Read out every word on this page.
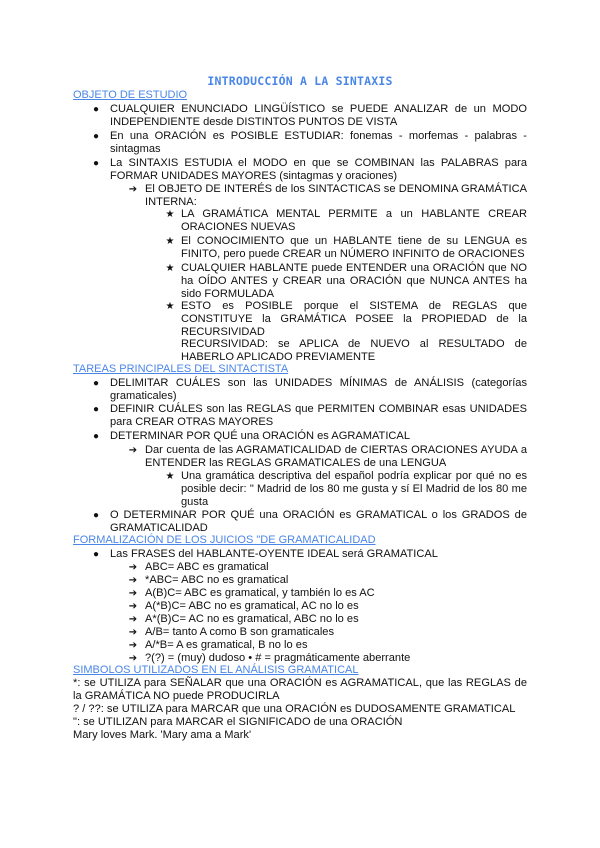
INTRODUCCIÓN A LA SINTAXIS
OBJETO DE ESTUDIO
● CUALQUIER ENUNCIADO LINGÜÍSTICO se PUEDE ANALIZAR de un MODO INDEPENDIENTE desde DISTINTOS PUNTOS DE VISTA
● En una ORACIÓN es POSIBLE ESTUDIAR: fonemas - morfemas - palabras - sintagmas
● La SINTAXIS ESTUDIA el MODO en que se COMBINAN las PALABRAS para FORMAR UNIDADES MAYORES (sintagmas y oraciones)
➔ El OBJETO DE INTERÉS de los SINTACTICAS se DENOMINA GRAMÁTICA INTERNA:
★ LA GRAMÁTICA MENTAL PERMITE a un HABLANTE CREAR ORACIONES NUEVAS
★ El CONOCIMIENTO que un HABLANTE tiene de su LENGUA es FINITO, pero puede CREAR un NÚMERO INFINITO de ORACIONES
★ CUALQUIER HABLANTE puede ENTENDER una ORACIÓN que NO ha OÍDO ANTES y CREAR una ORACIÓN que NUNCA ANTES ha sido FORMULADA
★ ESTO es POSIBLE porque el SISTEMA de REGLAS que CONSTITUYE la GRAMÁTICA POSEE la PROPIEDAD de la RECURSIVIDAD
RECURSIVIDAD: se APLICA de NUEVO al RESULTADO de HABERLO APLICADO PREVIAMENTE
TAREAS PRINCIPALES DEL SINTACTISTA
● DELIMITAR CUÁLES son las UNIDADES MÍNIMAS de ANÁLISIS (categorías gramaticales)
● DEFINIR CUÁLES son las REGLAS que PERMITEN COMBINAR esas UNIDADES para CREAR OTRAS MAYORES
● DETERMINAR POR QUÉ una ORACIÓN es AGRAMATICAL
➔ Dar cuenta de las AGRAMATICALIDAD de CIERTAS ORACIONES AYUDA a ENTENDER las REGLAS GRAMATICALES de una LENGUA
★ Una gramática descriptiva del español podría explicar por qué no es posible decir: " Madrid de los 80 me gusta y sí El Madrid de los 80 me gusta
● O DETERMINAR POR QUÉ una ORACIÓN es GRAMATICAL o los GRADOS de GRAMATICALIDAD
FORMALIZACIÓN DE LOS JUICIOS "DE GRAMATICALIDAD
● Las FRASES del HABLANTE-OYENTE IDEAL será GRAMATICAL
➔ ABC= ABC es gramatical
➔ *ABC= ABC no es gramatical
➔ A(B)C= ABC es gramatical, y también lo es AC
➔ A(*B)C= ABC no es gramatical, AC no lo es
➔ A*(B)C= AC no es gramatical, ABC no lo es
➔ A/B= tanto A como B son gramaticales
➔ A/*B= A es gramatical, B no lo es
➔ ?(?) = (muy) dudoso • # = pragmáticamente aberrante
SIMBOLOS UTILIZADOS EN EL ANÁLISIS GRAMATICAL
*: se UTILIZA para SEÑALAR que una ORACIÓN es AGRAMATICAL, que las REGLAS de la GRAMÁTICA NO puede PRODUCIRLA
? / ??: se UTILIZA para MARCAR que una ORACIÓN es DUDOSAMENTE GRAMATICAL
": se UTILIZAN para MARCAR el SIGNIFICADO de una ORACIÓN
Mary loves Mark. 'Mary ama a Mark'
